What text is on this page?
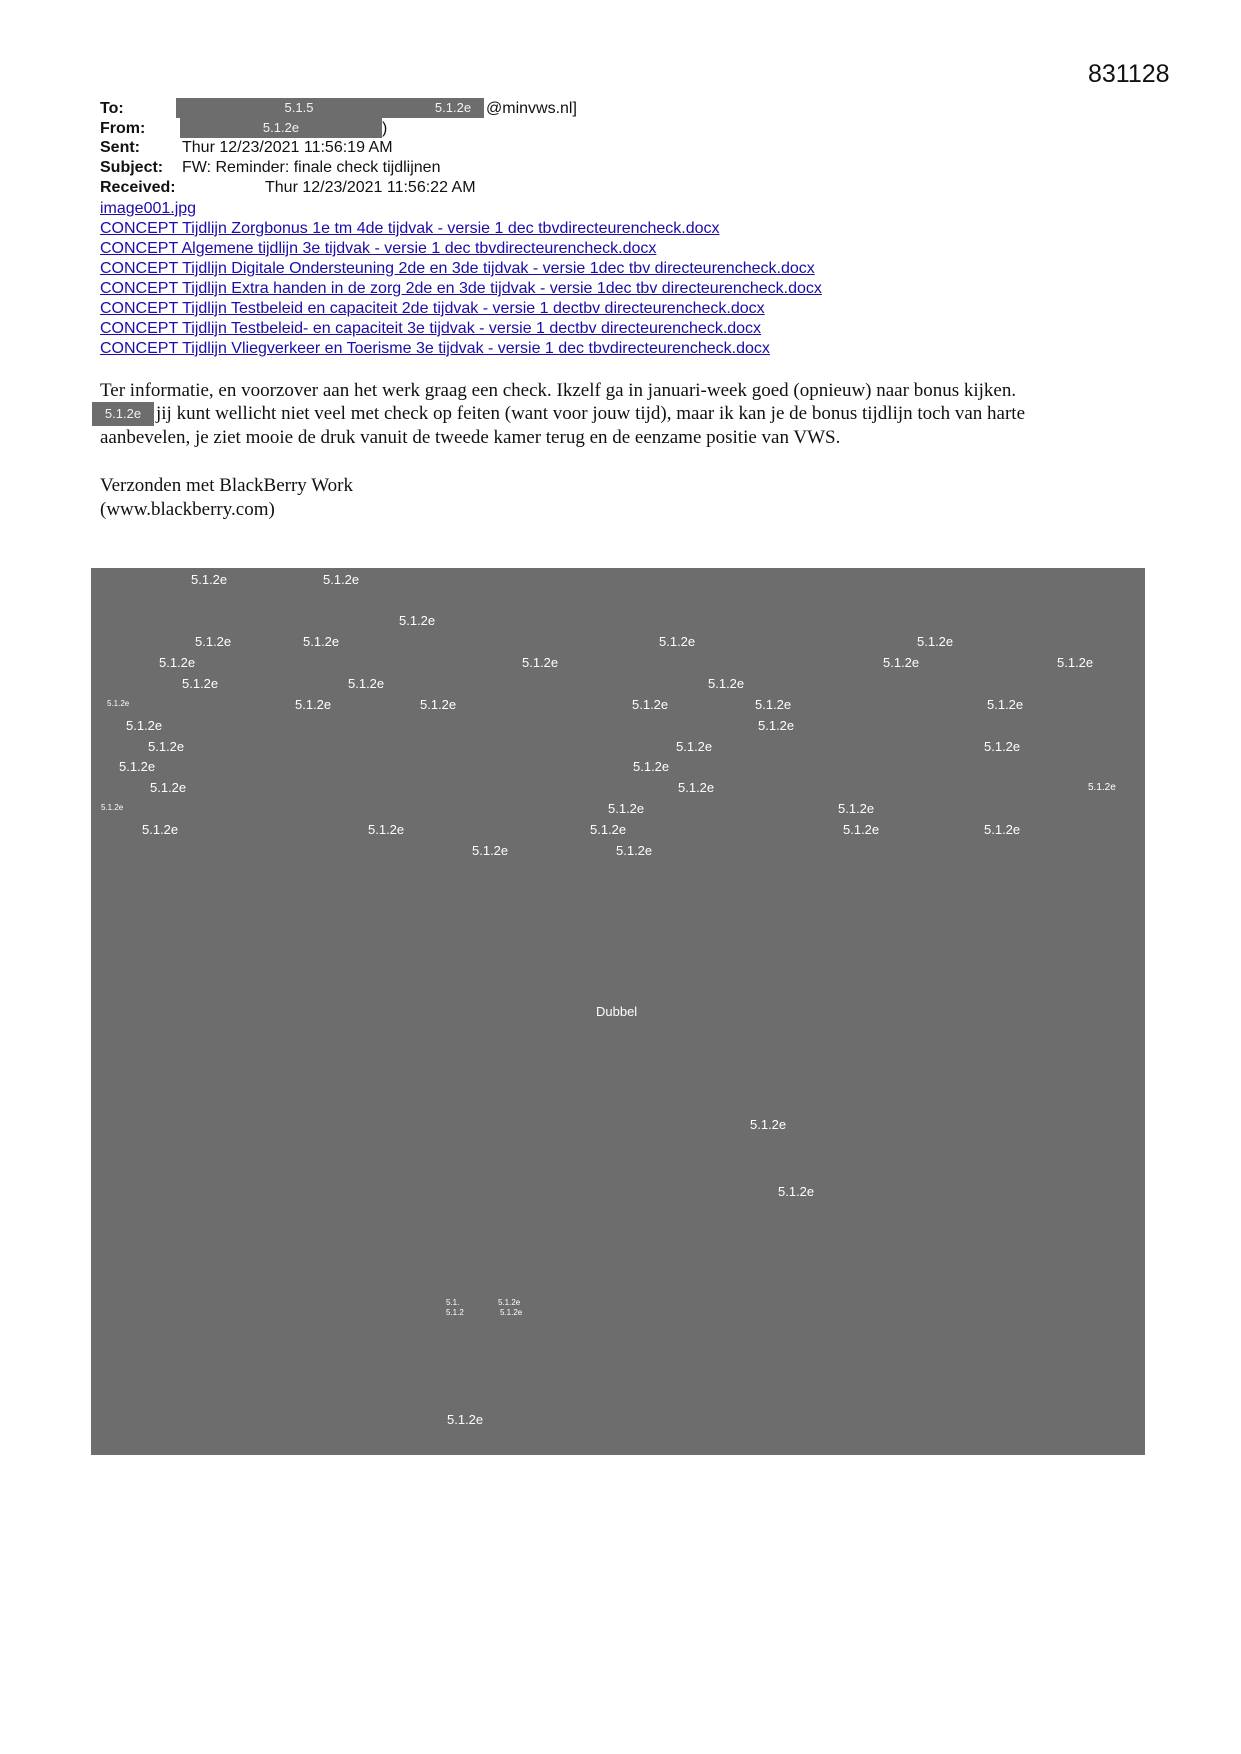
831128
To:	5.1.5	5.1.2e @minvws.nl]
From:	5.1.2e	)
Sent:	Thur 12/23/2021 11:56:19 AM
Subject: FW: Reminder: finale check tijdlijnen
Received:	Thur 12/23/2021 11:56:22 AM
image001.jpg
CONCEPT Tijdlijn Zorgbonus 1e tm 4de tijdvak - versie 1 dec tbvdirecteurencheck.docx
CONCEPT Algemene tijdlijn 3e tijdvak - versie 1 dec tbvdirecteurencheck.docx
CONCEPT Tijdlijn Digitale Ondersteuning 2de en 3de tijdvak - versie 1dec tbv directeurencheck.docx
CONCEPT Tijdlijn Extra handen in de zorg 2de en 3de tijdvak - versie 1dec tbv directeurencheck.docx
CONCEPT Tijdlijn Testbeleid en capaciteit 2de tijdvak - versie 1 dectbv directeurencheck.docx
CONCEPT Tijdlijn Testbeleid- en capaciteit 3e tijdvak - versie 1 dectbv directeurencheck.docx
CONCEPT Tijdlijn Vliegverkeer en Toerisme 3e tijdvak - versie 1 dec tbvdirecteurencheck.docx
Ter informatie, en voorzover aan het werk graag een check. Ikzelf ga in januari-week goed (opnieuw) naar bonus kijken.
5.1.2e jij kunt wellicht niet veel met check op feiten (want voor jouw tijd), maar ik kan je de bonus tijdlijn toch van harte
aanbevelen, je ziet mooie de druk vanuit de tweede kamer terug en de eenzame positie van VWS.
Verzonden met BlackBerry Work
(www.blackberry.com)
5.1.2e	5.1.2e
5.1.2e
5.1.2e	5.1.2e	5.1.2e	5.1.2e
5.1.2e	5.1.2e	5.1.2e	5.1.2e
5.1.2e	5.1.2e	5.1.2e
5.1.2e	5.1.2e	5.1.2e	5.1.2e	5.1.2e	5.1.2e
5.1.2e	5.1.2e
5.1.2e	5.1.2e	5.1.2e
5.1.2e	5.1.2e
5.1.2e	5.1.2e	5.1.2e
5.1.2e	5.1.2e	5.1.2e
5.1.2e	5.1.2e	5.1.2e	5.1.2e	5.1.2e
5.1.2e	5.1.2e
Dubbel
5.1.2e
5.1.2e
5.1.	5.1.2e
5.1.2	5.1.2e
5.1.2e
